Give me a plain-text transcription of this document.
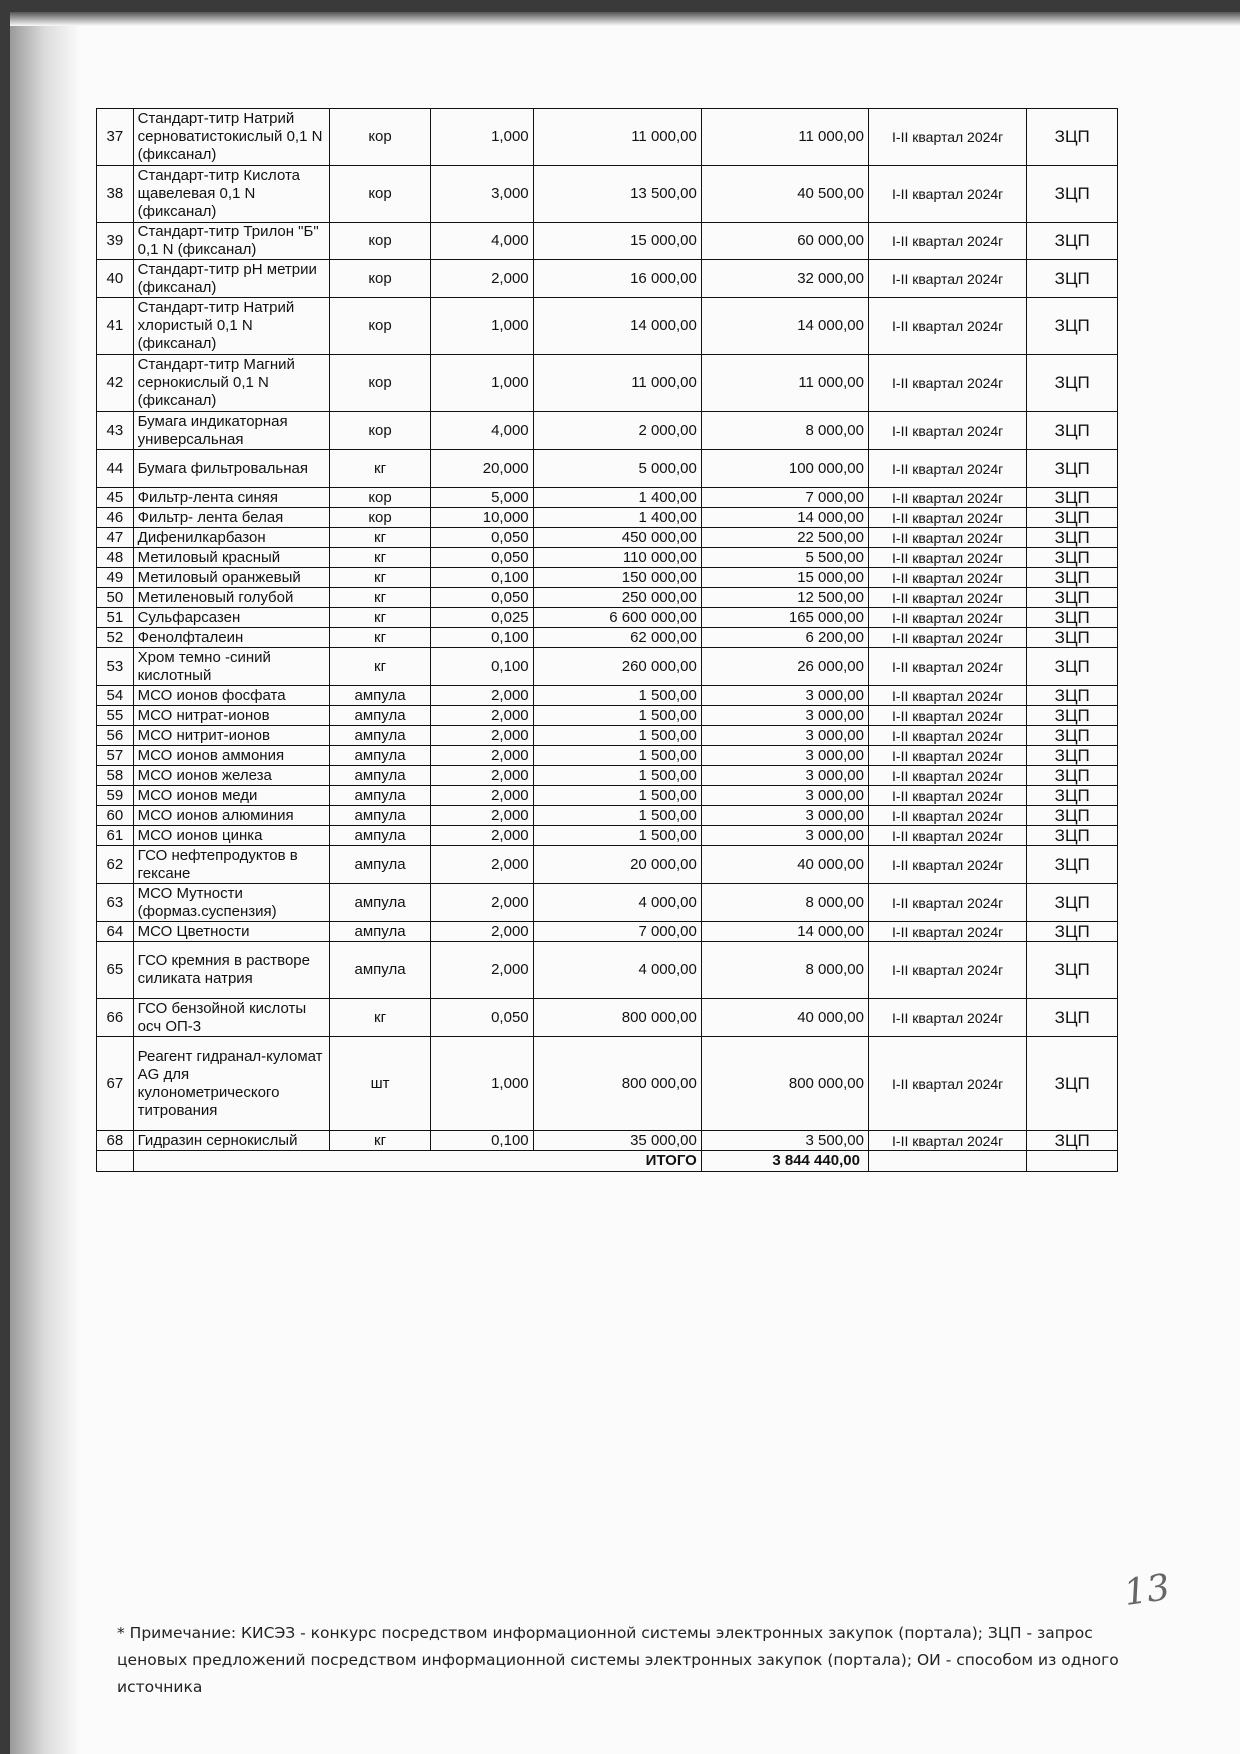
37	Стандарт-титр Натрий серноватистокислый 0,1 N (фиксанал)	кор	1,000	11 000,00	11 000,00	I-II квартал 2024г	ЗЦП
38	Стандарт-титр Кислота щавелевая 0,1 N (фиксанал)	кор	3,000	13 500,00	40 500,00	I-II квартал 2024г	ЗЦП
39	Стандарт-титр Трилон "Б" 0,1 N (фиксанал)	кор	4,000	15 000,00	60 000,00	I-II квартал 2024г	ЗЦП
40	Стандарт-титр pH метрии (фиксанал)	кор	2,000	16 000,00	32 000,00	I-II квартал 2024г	ЗЦП
41	Стандарт-титр Натрий хлористый 0,1 N (фиксанал)	кор	1,000	14 000,00	14 000,00	I-II квартал 2024г	ЗЦП
42	Стандарт-титр Магний сернокислый 0,1 N (фиксанал)	кор	1,000	11 000,00	11 000,00	I-II квартал 2024г	ЗЦП
43	Бумага индикаторная универсальная	кор	4,000	2 000,00	8 000,00	I-II квартал 2024г	ЗЦП
44	Бумага фильтровальная	кг	20,000	5 000,00	100 000,00	I-II квартал 2024г	ЗЦП
45	Фильтр-лента синяя	кор	5,000	1 400,00	7 000,00	I-II квартал 2024г	ЗЦП
46	Фильтр- лента белая	кор	10,000	1 400,00	14 000,00	I-II квартал 2024г	ЗЦП
47	Дифенилкарбазон	кг	0,050	450 000,00	22 500,00	I-II квартал 2024г	ЗЦП
48	Метиловый красный	кг	0,050	110 000,00	5 500,00	I-II квартал 2024г	ЗЦП
49	Метиловый оранжевый	кг	0,100	150 000,00	15 000,00	I-II квартал 2024г	ЗЦП
50	Метиленовый голубой	кг	0,050	250 000,00	12 500,00	I-II квартал 2024г	ЗЦП
51	Сульфарсазен	кг	0,025	6 600 000,00	165 000,00	I-II квартал 2024г	ЗЦП
52	Фенолфталеин	кг	0,100	62 000,00	6 200,00	I-II квартал 2024г	ЗЦП
53	Хром темно -синий кислотный	кг	0,100	260 000,00	26 000,00	I-II квартал 2024г	ЗЦП
54	МСО ионов фосфата	ампула	2,000	1 500,00	3 000,00	I-II квартал 2024г	ЗЦП
55	МСО нитрат-ионов	ампула	2,000	1 500,00	3 000,00	I-II квартал 2024г	ЗЦП
56	МСО нитрит-ионов	ампула	2,000	1 500,00	3 000,00	I-II квартал 2024г	ЗЦП
57	МСО ионов аммония	ампула	2,000	1 500,00	3 000,00	I-II квартал 2024г	ЗЦП
58	МСО ионов железа	ампула	2,000	1 500,00	3 000,00	I-II квартал 2024г	ЗЦП
59	МСО ионов меди	ампула	2,000	1 500,00	3 000,00	I-II квартал 2024г	ЗЦП
60	МСО ионов алюминия	ампула	2,000	1 500,00	3 000,00	I-II квартал 2024г	ЗЦП
61	МСО ионов цинка	ампула	2,000	1 500,00	3 000,00	I-II квартал 2024г	ЗЦП
62	ГСО нефтепродуктов в гексане	ампула	2,000	20 000,00	40 000,00	I-II квартал 2024г	ЗЦП
63	МСО Мутности (формаз.суспензия)	ампула	2,000	4 000,00	8 000,00	I-II квартал 2024г	ЗЦП
64	МСО Цветности	ампула	2,000	7 000,00	14 000,00	I-II квартал 2024г	ЗЦП
65	ГСО кремния в растворе силиката натрия	ампула	2,000	4 000,00	8 000,00	I-II квартал 2024г	ЗЦП
66	ГСО бензойной кислоты осч ОП-3	кг	0,050	800 000,00	40 000,00	I-II квартал 2024г	ЗЦП
67	Реагент гидранал-куломат AG для кулонометрического титрования	шт	1,000	800 000,00	800 000,00	I-II квартал 2024г	ЗЦП
68	Гидразин сернокислый	кг	0,100	35 000,00	3 500,00	I-II квартал 2024г	ЗЦП
	ИТОГО				3 844 440,00		
13
* Примечание: КИСЭЗ - конкурс посредством информационной системы электронных закупок (портала); ЗЦП - запрос ценовых предложений посредством информационной системы электронных закупок (портала); ОИ - способом из одного источника
